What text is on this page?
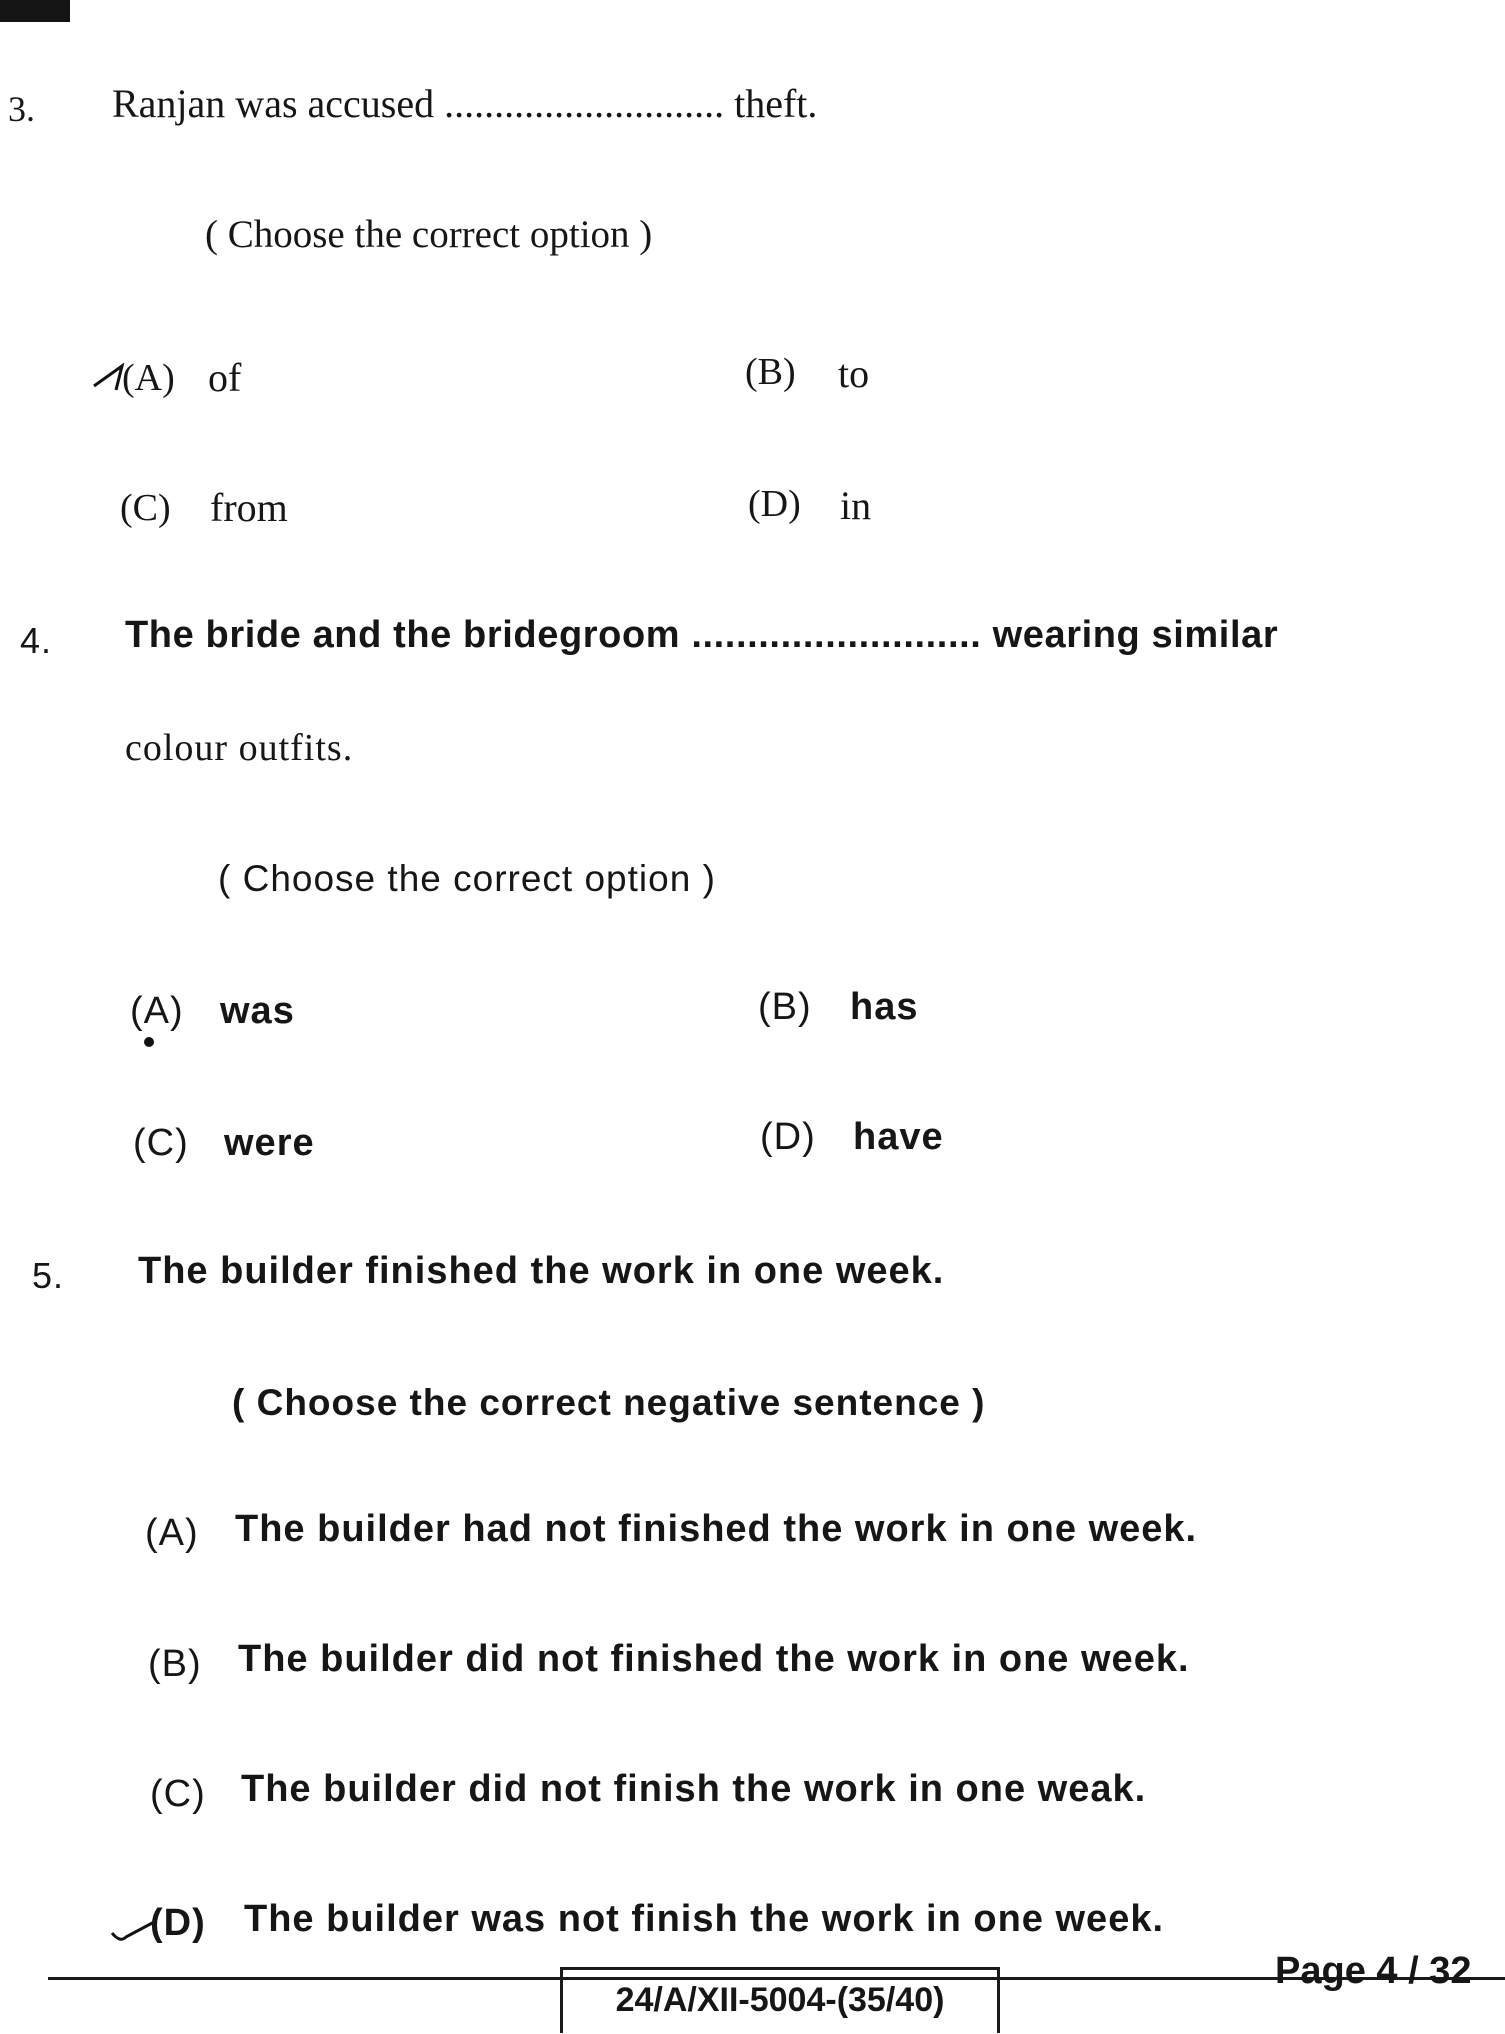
3. Ranjan was accused ............................ theft.
( Choose the correct option )
(A) of	(B) to
(C) from	(D) in
4. The bride and the bridegroom .......................... wearing similar
colour outfits.
( Choose the correct option )
(A) was	(B) has
(C) were	(D) have
5. The builder finished the work in one week.
( Choose the correct negative sentence )
(A) The builder had not finished the work in one week.
(B) The builder did not finished the work in one week.
(C) The builder did not finish the work in one weak.
(D) The builder was not finish the work in one week.
24/A/XII-5004-(35/40)
Page 4 / 32
